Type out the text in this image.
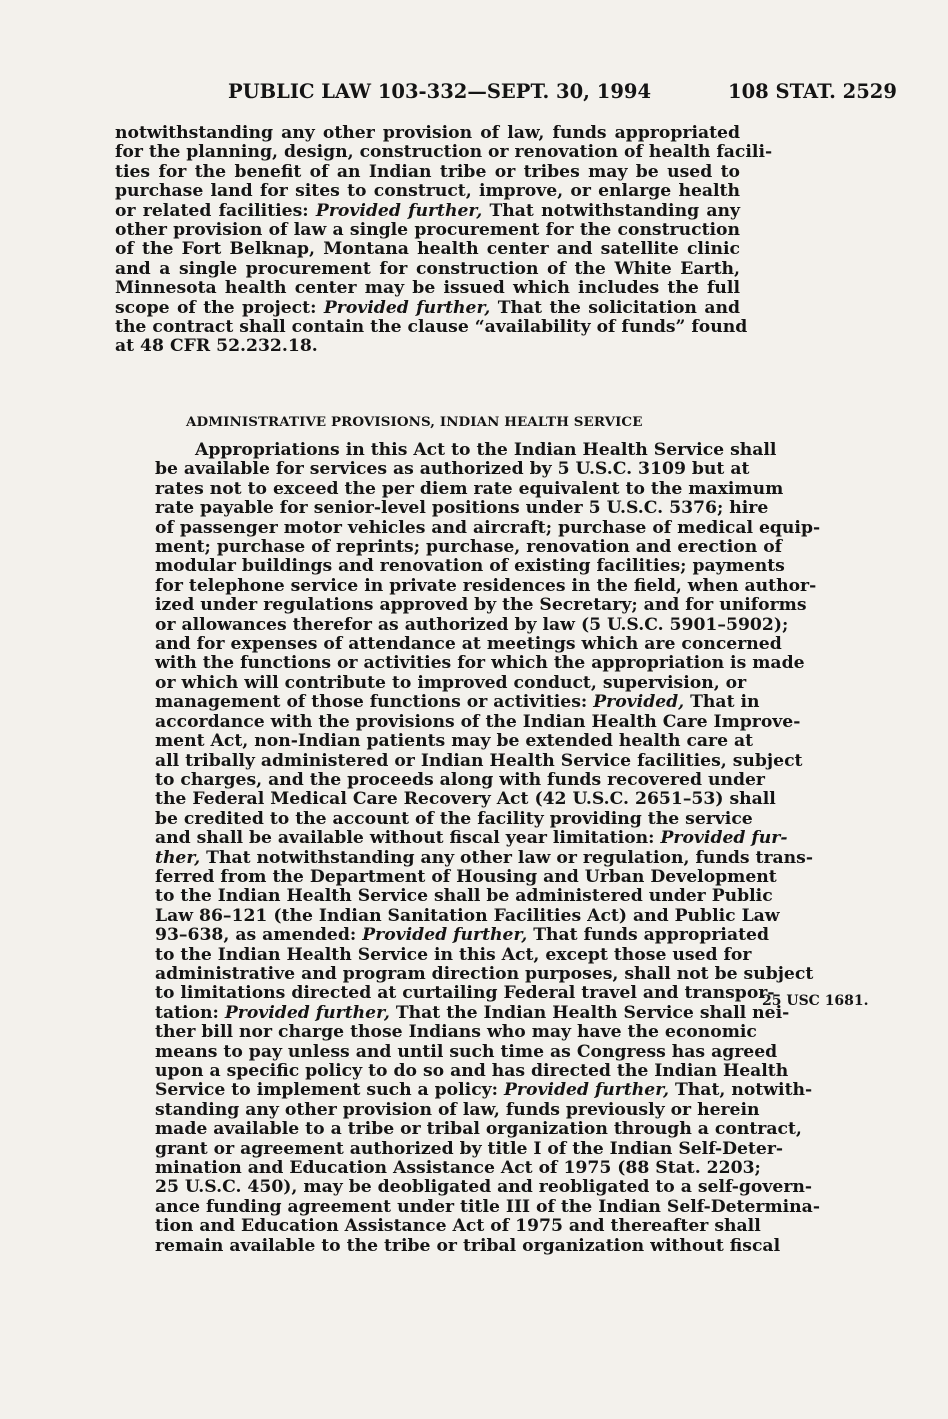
PUBLIC LAW 103-332—SEPT. 30, 1994	108 STAT. 2529
notwithstanding any other provision of law, funds appropriated
for the planning, design, construction or renovation of health facili-
ties for the benefit of an Indian tribe or tribes may be used to
purchase land for sites to construct, improve, or enlarge health
or related facilities: Provided further, That notwithstanding any
other provision of law a single procurement for the construction
of the Fort Belknap, Montana health center and satellite clinic
and a single procurement for construction of the White Earth,
Minnesota health center may be issued which includes the full
scope of the project: Provided further, That the solicitation and
the contract shall contain the clause “availability of funds” found
at 48 CFR 52.232.18.
ADMINISTRATIVE PROVISIONS, INDIAN HEALTH SERVICE
Appropriations in this Act to the Indian Health Service shall
be available for services as authorized by 5 U.S.C. 3109 but at
rates not to exceed the per diem rate equivalent to the maximum
rate payable for senior-level positions under 5 U.S.C. 5376; hire
of passenger motor vehicles and aircraft; purchase of medical equip-
ment; purchase of reprints; purchase, renovation and erection of
modular buildings and renovation of existing facilities; payments
for telephone service in private residences in the field, when author-
ized under regulations approved by the Secretary; and for uniforms
or allowances therefor as authorized by law (5 U.S.C. 5901–5902);
and for expenses of attendance at meetings which are concerned
with the functions or activities for which the appropriation is made
or which will contribute to improved conduct, supervision, or
management of those functions or activities: Provided, That in
accordance with the provisions of the Indian Health Care Improve-
ment Act, non-Indian patients may be extended health care at
all tribally administered or Indian Health Service facilities, subject
to charges, and the proceeds along with funds recovered under
the Federal Medical Care Recovery Act (42 U.S.C. 2651–53) shall
be credited to the account of the facility providing the service
and shall be available without fiscal year limitation: Provided fur-
ther, That notwithstanding any other law or regulation, funds trans-
ferred from the Department of Housing and Urban Development
to the Indian Health Service shall be administered under Public
Law 86–121 (the Indian Sanitation Facilities Act) and Public Law
93–638, as amended: Provided further, That funds appropriated
to the Indian Health Service in this Act, except those used for
administrative and program direction purposes, shall not be subject
to limitations directed at curtailing Federal travel and transpor-
tation: Provided further, That the Indian Health Service shall nei-
ther bill nor charge those Indians who may have the economic
means to pay unless and until such time as Congress has agreed
upon a specific policy to do so and has directed the Indian Health
Service to implement such a policy: Provided further, That, notwith-
standing any other provision of law, funds previously or herein
made available to a tribe or tribal organization through a contract,
grant or agreement authorized by title I of the Indian Self-Deter-
mination and Education Assistance Act of 1975 (88 Stat. 2203;
25 U.S.C. 450), may be deobligated and reobligated to a self-govern-
ance funding agreement under title III of the Indian Self-Determina-
tion and Education Assistance Act of 1975 and thereafter shall
remain available to the tribe or tribal organization without fiscal
25 USC 1681.
